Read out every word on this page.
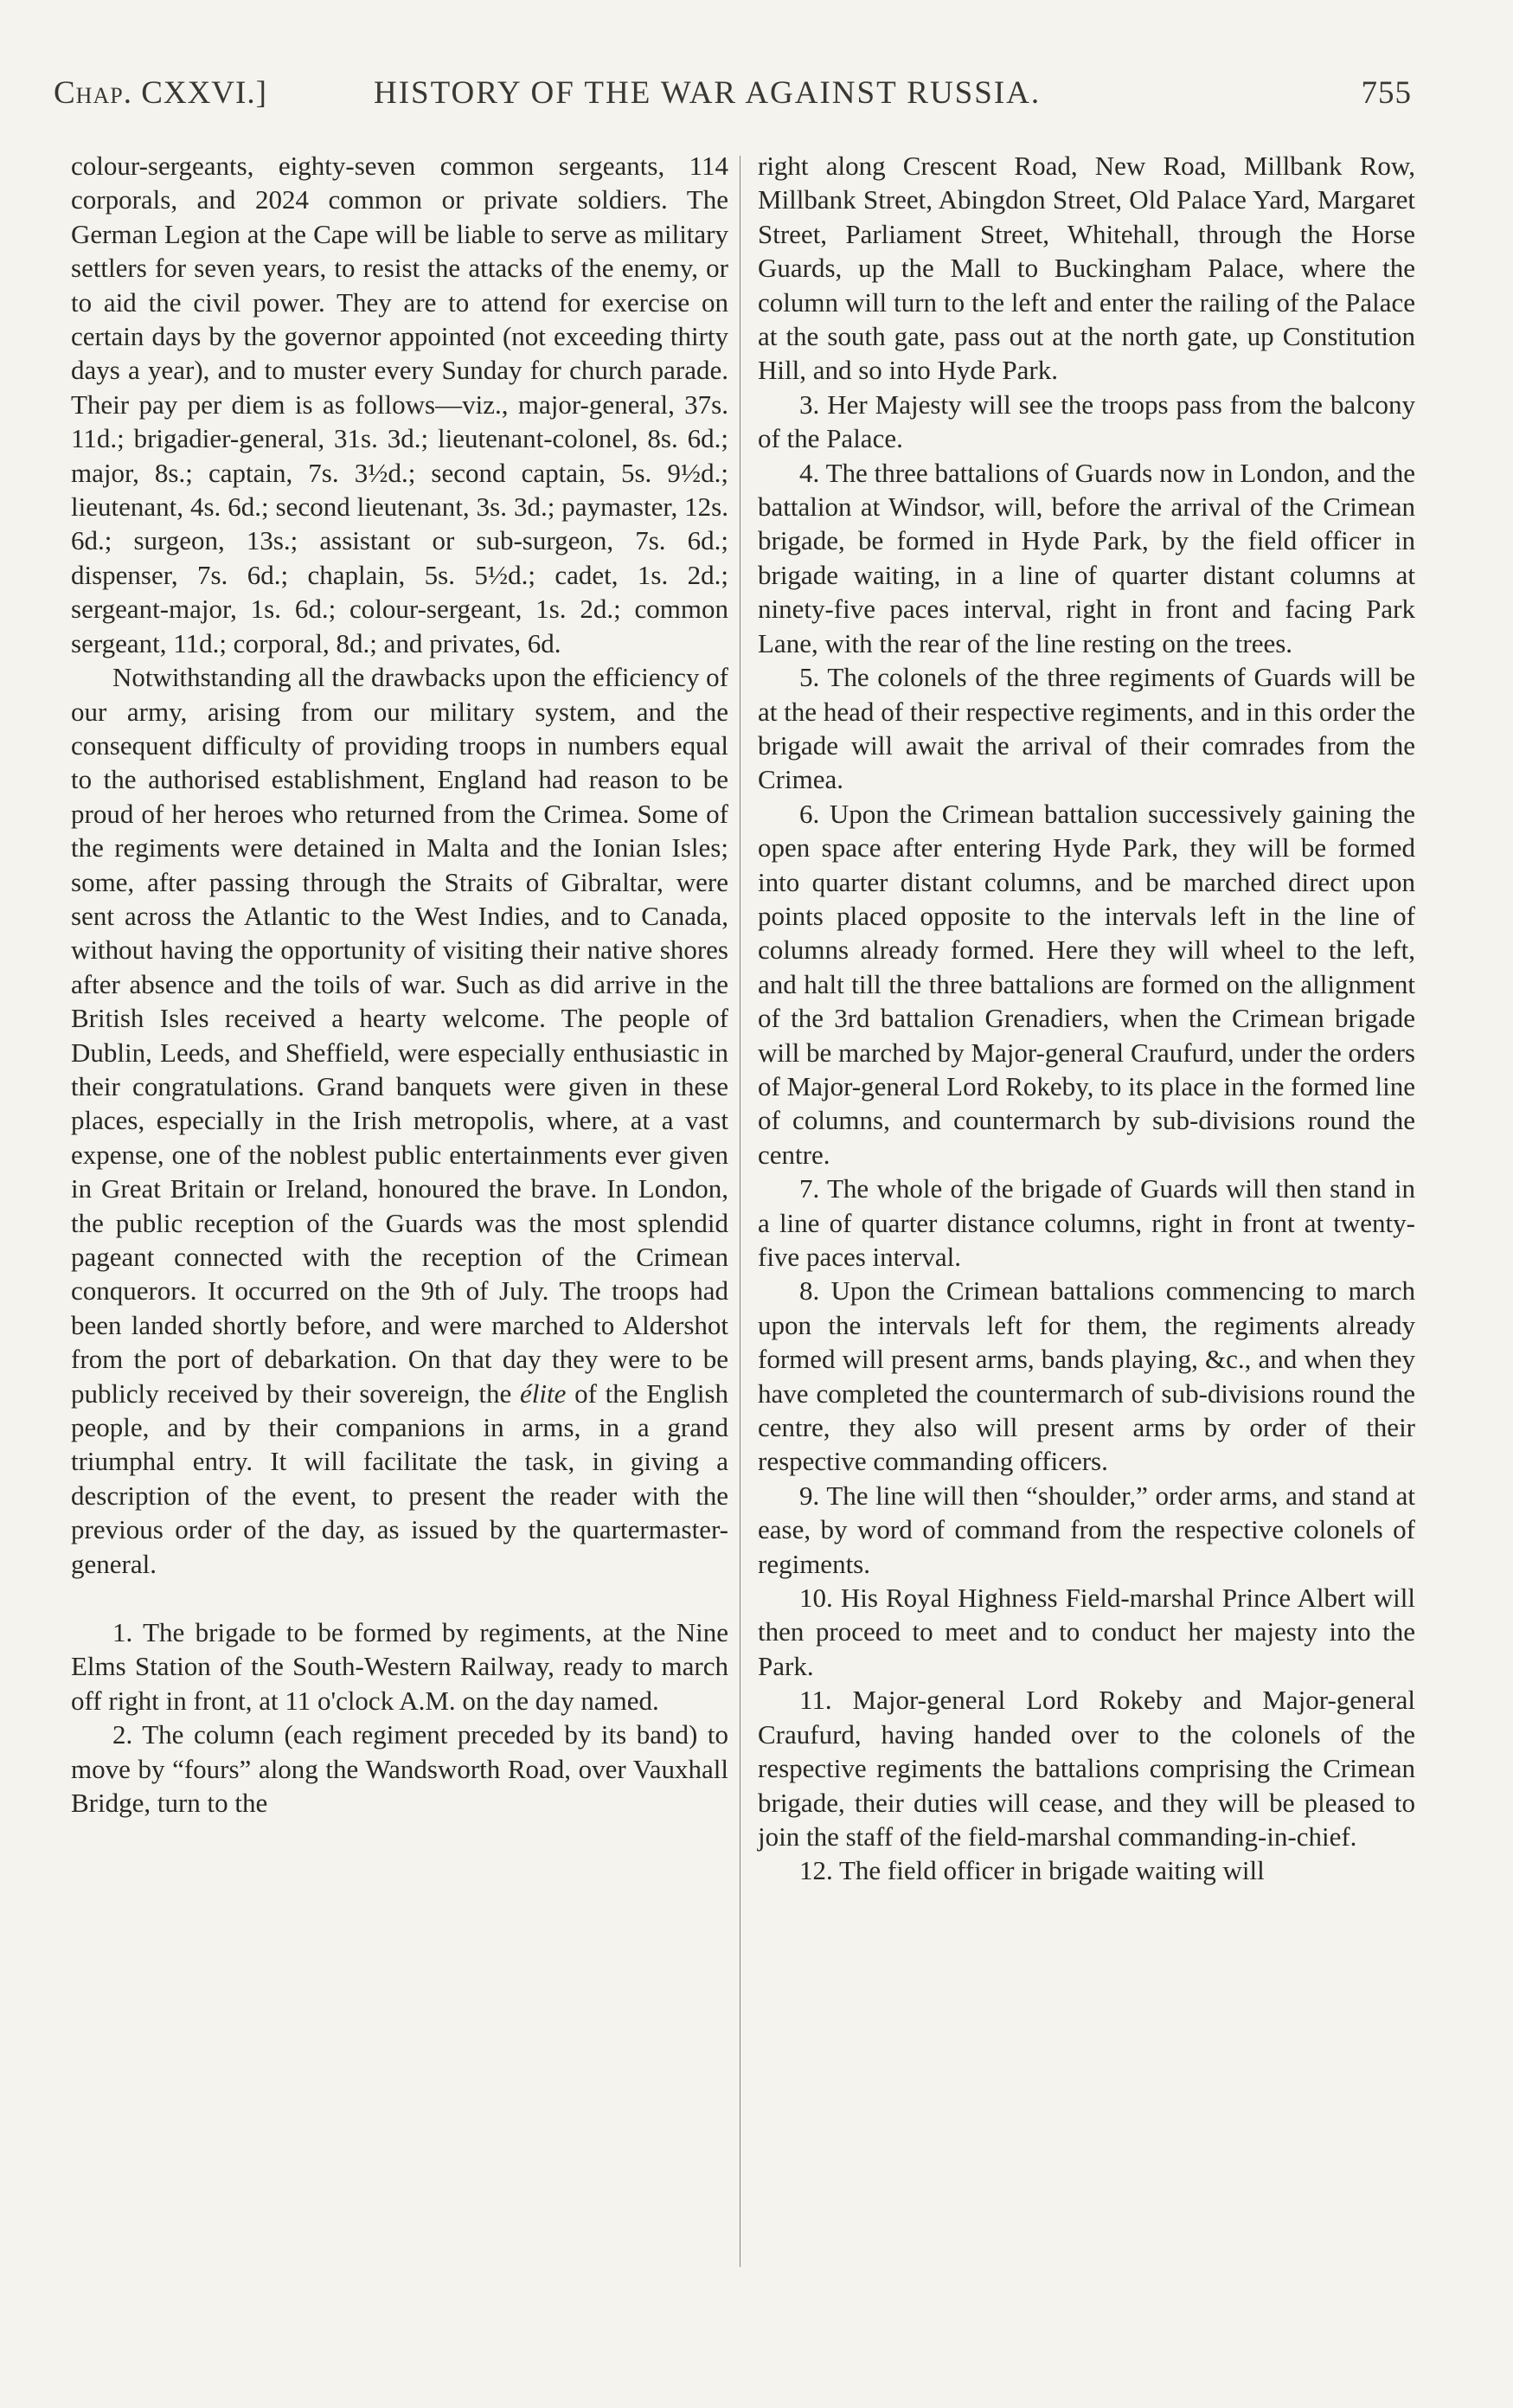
Chap. CXXVI.]	HISTORY OF THE WAR AGAINST RUSSIA.	755

colour-sergeants, eighty-seven common sergeants, 114 corporals, and 2024 common or private soldiers. The German Legion at the Cape will be liable to serve as military settlers for seven years, to resist the attacks of the enemy, or to aid the civil power. They are to attend for exercise on certain days by the governor appointed (not exceeding thirty days a year), and to muster every Sunday for church parade. Their pay per diem is as follows—viz., major-general, 37s. 11d.; brigadier-general, 31s. 3d.; lieutenant-colonel, 8s. 6d.; major, 8s.; captain, 7s. 3½d.; second captain, 5s. 9½d.; lieutenant, 4s. 6d.; second lieutenant, 3s. 3d.; paymaster, 12s. 6d.; surgeon, 13s.; assistant or sub-surgeon, 7s. 6d.; dispenser, 7s. 6d.; chaplain, 5s. 5½d.; cadet, 1s. 2d.; sergeant-major, 1s. 6d.; colour-sergeant, 1s. 2d.; common sergeant, 11d.; corporal, 8d.; and privates, 6d.

Notwithstanding all the drawbacks upon the efficiency of our army, arising from our military system, and the consequent difficulty of providing troops in numbers equal to the authorised establishment, England had reason to be proud of her heroes who returned from the Crimea. Some of the regiments were detained in Malta and the Ionian Isles; some, after passing through the Straits of Gibraltar, were sent across the Atlantic to the West Indies, and to Canada, without having the opportunity of visiting their native shores after absence and the toils of war. Such as did arrive in the British Isles received a hearty welcome. The people of Dublin, Leeds, and Sheffield, were especially enthusiastic in their congratulations. Grand banquets were given in these places, especially in the Irish metropolis, where, at a vast expense, one of the noblest public entertainments ever given in Great Britain or Ireland, honoured the brave. In London, the public reception of the Guards was the most splendid pageant connected with the reception of the Crimean conquerors. It occurred on the 9th of July. The troops had been landed shortly before, and were marched to Aldershot from the port of debarkation. On that day they were to be publicly received by their sovereign, the élite of the English people, and by their companions in arms, in a grand triumphal entry. It will facilitate the task, in giving a description of the event, to present the reader with the previous order of the day, as issued by the quartermaster-general.

1. The brigade to be formed by regiments, at the Nine Elms Station of the South-Western Railway, ready to march off right in front, at 11 o'clock A.M. on the day named.

2. The column (each regiment preceded by its band) to move by “fours” along the Wandsworth Road, over Vauxhall Bridge, turn to the

right along Crescent Road, New Road, Millbank Row, Millbank Street, Abingdon Street, Old Palace Yard, Margaret Street, Parliament Street, Whitehall, through the Horse Guards, up the Mall to Buckingham Palace, where the column will turn to the left and enter the railing of the Palace at the south gate, pass out at the north gate, up Constitution Hill, and so into Hyde Park.

3. Her Majesty will see the troops pass from the balcony of the Palace.

4. The three battalions of Guards now in London, and the battalion at Windsor, will, before the arrival of the Crimean brigade, be formed in Hyde Park, by the field officer in brigade waiting, in a line of quarter distant columns at ninety-five paces interval, right in front and facing Park Lane, with the rear of the line resting on the trees.

5. The colonels of the three regiments of Guards will be at the head of their respective regiments, and in this order the brigade will await the arrival of their comrades from the Crimea.

6. Upon the Crimean battalion successively gaining the open space after entering Hyde Park, they will be formed into quarter distant columns, and be marched direct upon points placed opposite to the intervals left in the line of columns already formed. Here they will wheel to the left, and halt till the three battalions are formed on the allignment of the 3rd battalion Grenadiers, when the Crimean brigade will be marched by Major-general Craufurd, under the orders of Major-general Lord Rokeby, to its place in the formed line of columns, and countermarch by sub-divisions round the centre.

7. The whole of the brigade of Guards will then stand in a line of quarter distance columns, right in front at twenty-five paces interval.

8. Upon the Crimean battalions commencing to march upon the intervals left for them, the regiments already formed will present arms, bands playing, &c., and when they have completed the countermarch of sub-divisions round the centre, they also will present arms by order of their respective commanding officers.

9. The line will then “shoulder,” order arms, and stand at ease, by word of command from the respective colonels of regiments.

10. His Royal Highness Field-marshal Prince Albert will then proceed to meet and to conduct her majesty into the Park.

11. Major-general Lord Rokeby and Major-general Craufurd, having handed over to the colonels of the respective regiments the battalions comprising the Crimean brigade, their duties will cease, and they will be pleased to join the staff of the field-marshal commanding-in-chief.

12. The field officer in brigade waiting will
